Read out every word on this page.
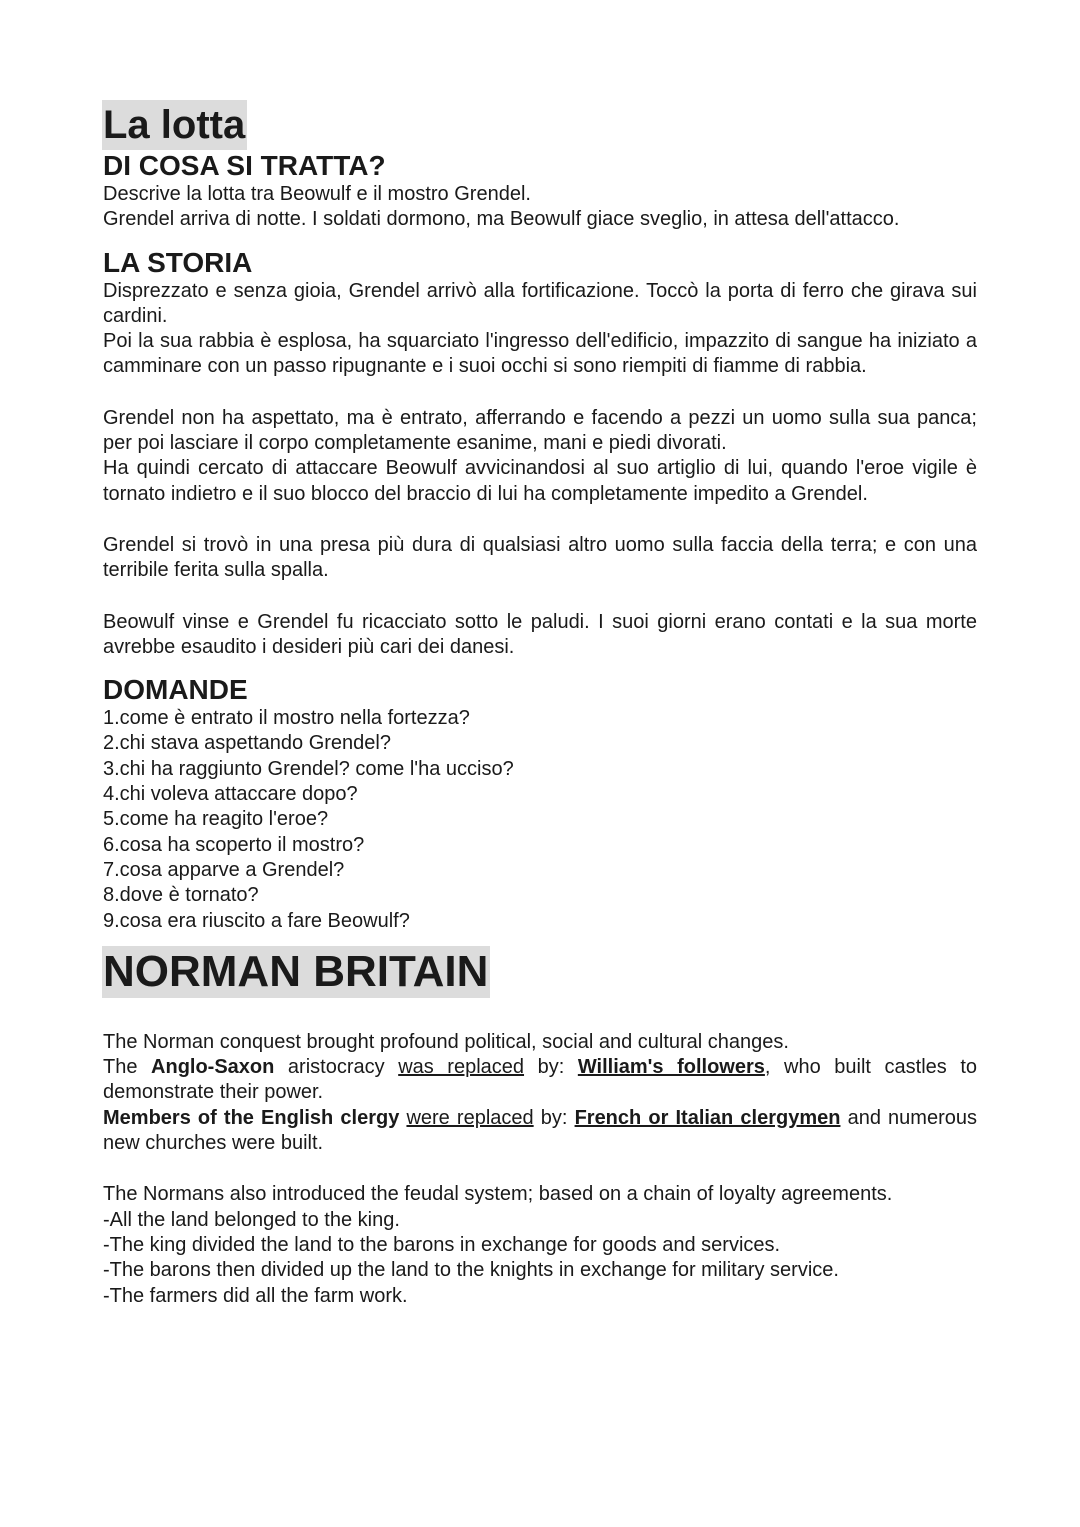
La lotta
DI COSA SI TRATTA?

Descrive la lotta tra Beowulf e il mostro Grendel.

Grendel arriva di notte. I soldati dormono, ma Beowulf giace sveglio, in attesa dell'attacco.

LA STORIA

Disprezzato e senza gioia, Grendel arrivò alla fortificazione. Toccò la porta di ferro che girava sui cardini.

Poi la sua rabbia è esplosa, ha squarciato l'ingresso dell'edificio, impazzito di sangue ha iniziato a camminare con un passo ripugnante e i suoi occhi si sono riempiti di fiamme di rabbia.

Grendel non ha aspettato, ma è entrato, afferrando e facendo a pezzi un uomo sulla sua panca; per poi lasciare il corpo completamente esanime, mani e piedi divorati.

Ha quindi cercato di attaccare Beowulf avvicinandosi al suo artiglio di lui, quando l'eroe vigile è tornato indietro e il suo blocco del braccio di lui ha completamente impedito a Grendel.

Grendel si trovò in una presa più dura di qualsiasi altro uomo sulla faccia della terra; e con una terribile ferita sulla spalla.

Beowulf vinse e Grendel fu ricacciato sotto le paludi. I suoi giorni erano contati e la sua morte avrebbe esaudito i desideri più cari dei danesi.

DOMANDE
1.come è entrato il mostro nella fortezza?
2.chi stava aspettando Grendel?
3.chi ha raggiunto Grendel? come l'ha ucciso?
4.chi voleva attaccare dopo?
5.come ha reagito l'eroe?
6.cosa ha scoperto il mostro?
7.cosa apparve a Grendel?
8.dove è tornato?
9.cosa era riuscito a fare Beowulf?
NORMAN BRITAIN

The Norman conquest brought profound political, social and cultural changes.

The Anglo-Saxon aristocracy was replaced by: William's followers, who built castles to demonstrate their power.

Members of the English clergy were replaced by: French or Italian clergymen and numerous new churches were built.

The Normans also introduced the feudal system; based on a chain of loyalty agreements.

-All the land belonged to the king.

-The king divided the land to the barons in exchange for goods and services.

-The barons then divided up the land to the knights in exchange for military service.

-The farmers did all the farm work.
